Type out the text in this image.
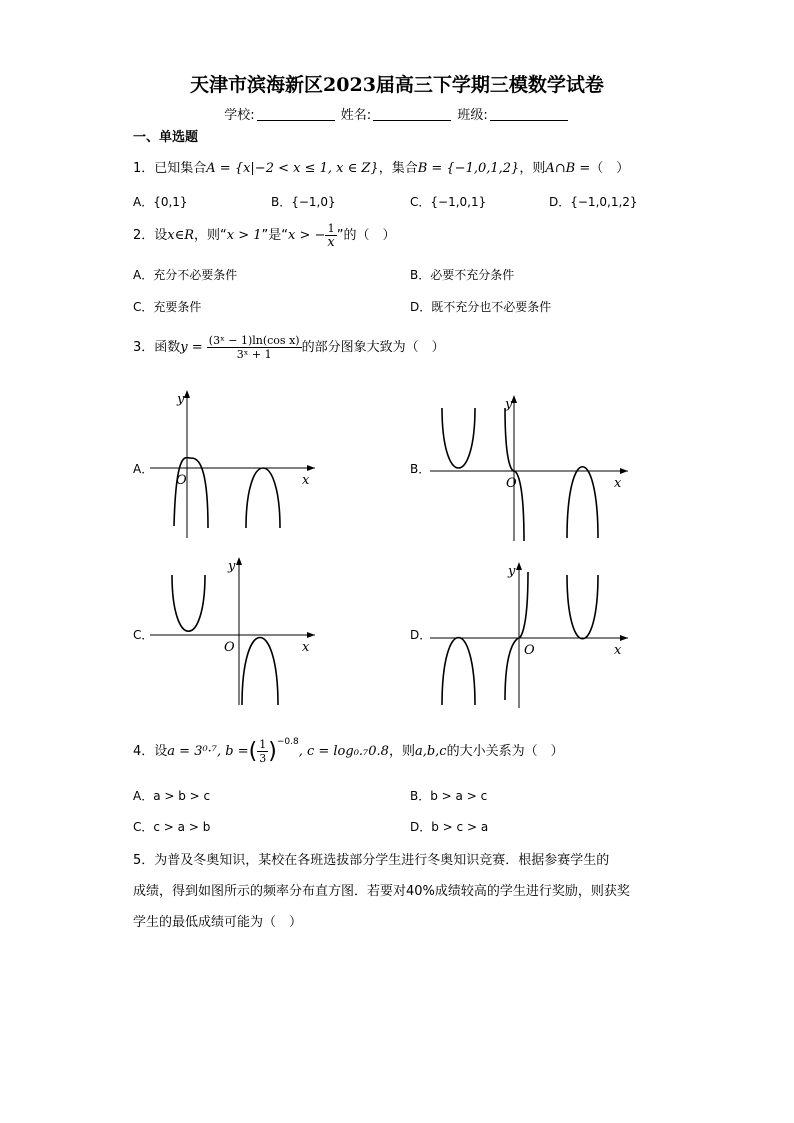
天津市滨海新区2023届高三下学期三模数学试卷
学校:	姓名:	班级:
一、单选题
1．已知集合A = {x|−2 < x ≤ 1, x ∈ Z}，集合B = {−1,0,1,2}，则A∩B =（　）
A．{0,1}	B．{−1,0}	C．{−1,0,1}	D．{−1,0,1,2}
2．设x∈R，则“x > 1”是“x > − $\frac{1}{x}$ ”的（　）
A．充分不必要条件	B．必要不充分条件
C．充要条件	D．既不充分也不必要条件
3．函数$y = \frac{\text{(3ˣ − 1)ln(cos x)}}{\text{3ˣ + 1}}$ 的部分图象大致为（　）
A．
y
O	x
B．
y
O	x
C．
y
O	x
D．
y
O	x
4．设a = 3⁰·⁷, b =( $\frac{1}{3} )^{-0.8}$, c = log₀.₇0.8，则a,b,c的大小关系为（　）
A．a > b > c	B．b > a > c
C．c > a > b	D．b > c > a
5．为普及冬奥知识，某校在各班选拔部分学生进行冬奥知识竞赛．根据参赛学生的
成绩，得到如图所示的频率分布直方图．若要对40%成绩较高的学生进行奖励，则获奖
学生的最低成绩可能为（　）
